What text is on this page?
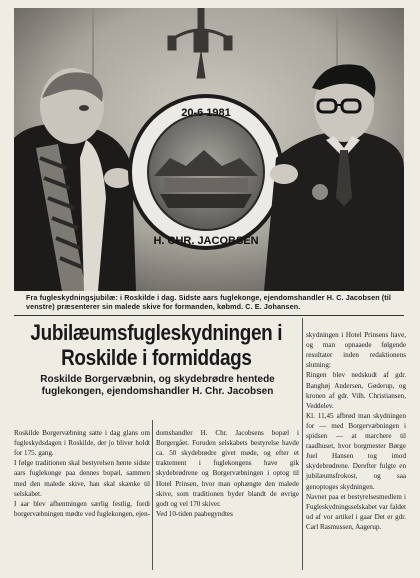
20-6 1981
H. CHR. JACOBSEN
Fra fugleskydningsjubilæ: i Roskilde i dag. Sidste aars fuglekonge, ejendomshandler H. C. Jacobsen (til venstre) præsenterer sin malede skive for formanden, købmd. C. E. Johansen.
Jubilæumsfugleskydningen i Roskilde i formiddags
Roskilde Borgervæbnin, og skydebrødre hentede fuglekongen, ejendomshandler H. Chr. Jacobsen

Roskilde Borgervæbning satte i dag glans om fugleskydsdagen i Roskilde, der jo bliver holdt for 175. gang.
I følge traditionen skal bestyrelsen hente sidste aars fuglekonge paa dennes bopæl, sammen med den malede skive, han skal skænke til selskabet.
I aar blev afhentningen særlig festlig, fordi borgervæbningen mødte ved fuglekongen, ejen-

domshandler H. Chr. Jacobsens bopæl i Borgergået. Foruden selskabets bestyrelse havde ca. 50 skydebrødre givet møde, og efter et traktement i fuglekongens have gik skydebrødrene og Borgervæbningen i optog til Hotel Prinsen, hvor man ophængte den malede skive, som traditionen byder blandt de øvrige godt og vel 170 skiver.
Ved 10-tiden paabegyndtes

skydningen i Hotel Prinsens have, og man opnaaede følgende resultater inden redaktionens slutning:
Ringen blev nedskudt af gdr. Banghøj Andersen, Gøderup, og kronen af gdr. Vilh. Christiansen, Veddelev.
Kl. 11,45 afbrød man skydningen for — med Borgervæbningen i spidsen — at marchere til raadhuset, hvor borgmester Børge Juel Hansen tog imod skydebrødrene. Derefter fulgte en jubilæumsfrokost, og saa genoptoges skydningen.
Navnet paa et bestyrelsesmedlem i Fugleskydningsselskabet var faldet ud af vor artikel i gaar Det er gdr. Carl Rasmussen, Aagerup.
